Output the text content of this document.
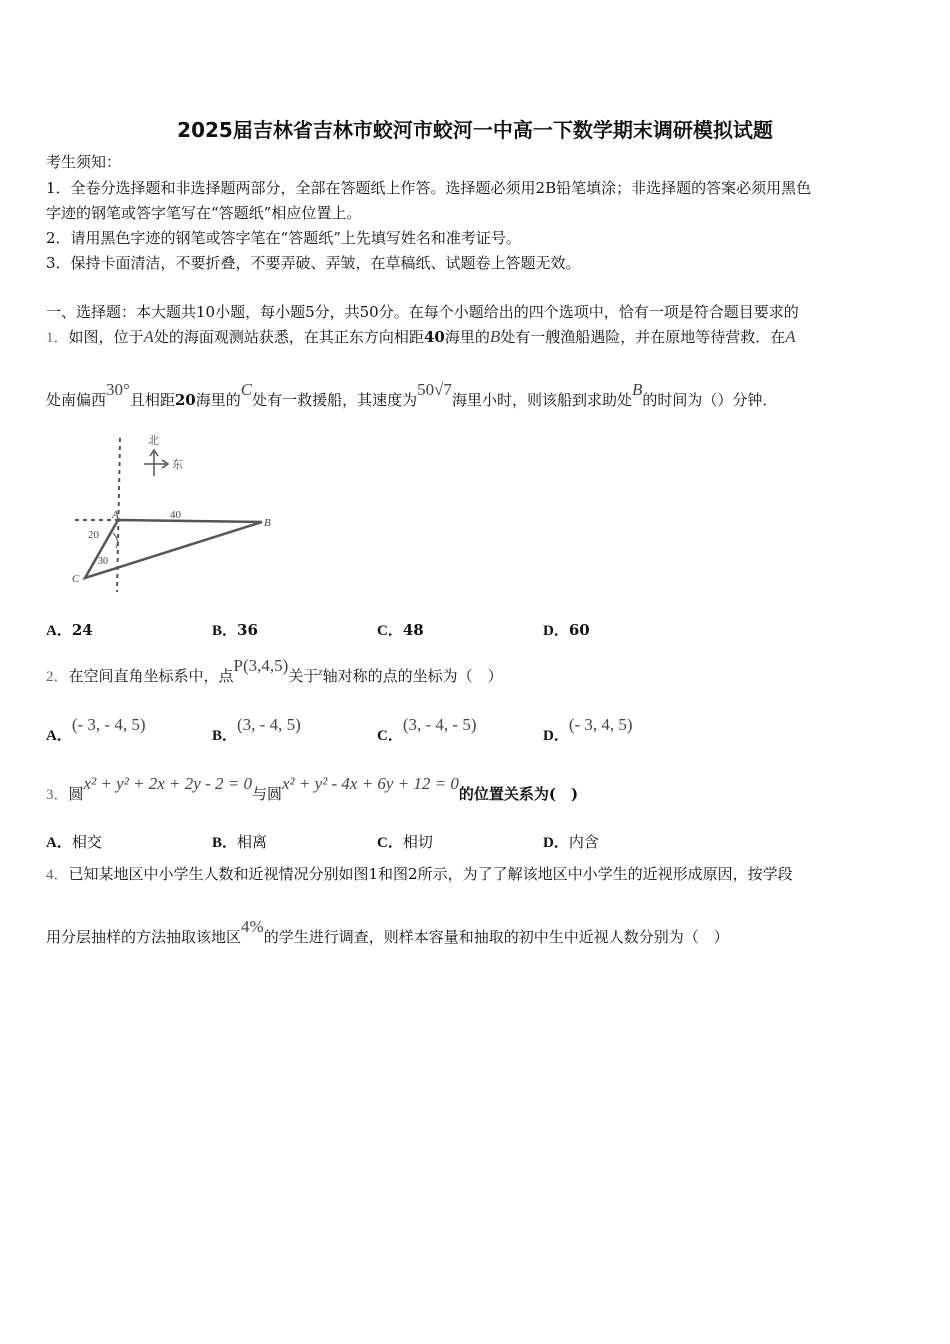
2025届吉林省吉林市蛟河市蛟河一中高一下数学期末调研模拟试题
考生须知：
1．全卷分选择题和非选择题两部分，全部在答题纸上作答。选择题必须用2B铅笔填涂；非选择题的答案必须用黑色
字迹的钢笔或答字笔写在“答题纸”相应位置上。
2．请用黑色字迹的钢笔或答字笔在“答题纸”上先填写姓名和准考证号。
3．保持卡面清洁，不要折叠，不要弄破、弄皱，在草稿纸、试题卷上答题无效。
一、选择题：本大题共10小题，每小题5分，共50分。在每个小题给出的四个选项中，恰有一项是符合题目要求的
1．如图，位于A处的海面观测站获悉，在其正东方向相距40海里的B处有一艘渔船遇险，并在原地等待营救．在A
处南偏西30°且相距20海里的C处有一救援船，其速度为50√7海里小时，则该船到求助处B的时间为（）分钟．
北
东
A
B
C
40
20
30
A．24	B．36	C．48	D．60
2．在空间直角坐标系中，点P(3,4,5)关于$^z$轴对称的点的坐标为（　）
A．(- 3, - 4, 5)
B．(3, - 4, 5)
C．(3, - 4, - 5)
D．(- 3, 4, 5)
3．圆x² + y² + 2x + 2y - 2 = 0与圆x² + y² - 4x + 6y + 12 = 0的位置关系为(　)
A．相交	B．相离	C．相切	D．内含
4．已知某地区中小学生人数和近视情况分别如图1和图2所示，为了了解该地区中小学生的近视形成原因，按学段
用分层抽样的方法抽取该地区4%的学生进行调查，则样本容量和抽取的初中生中近视人数分别为（　）
